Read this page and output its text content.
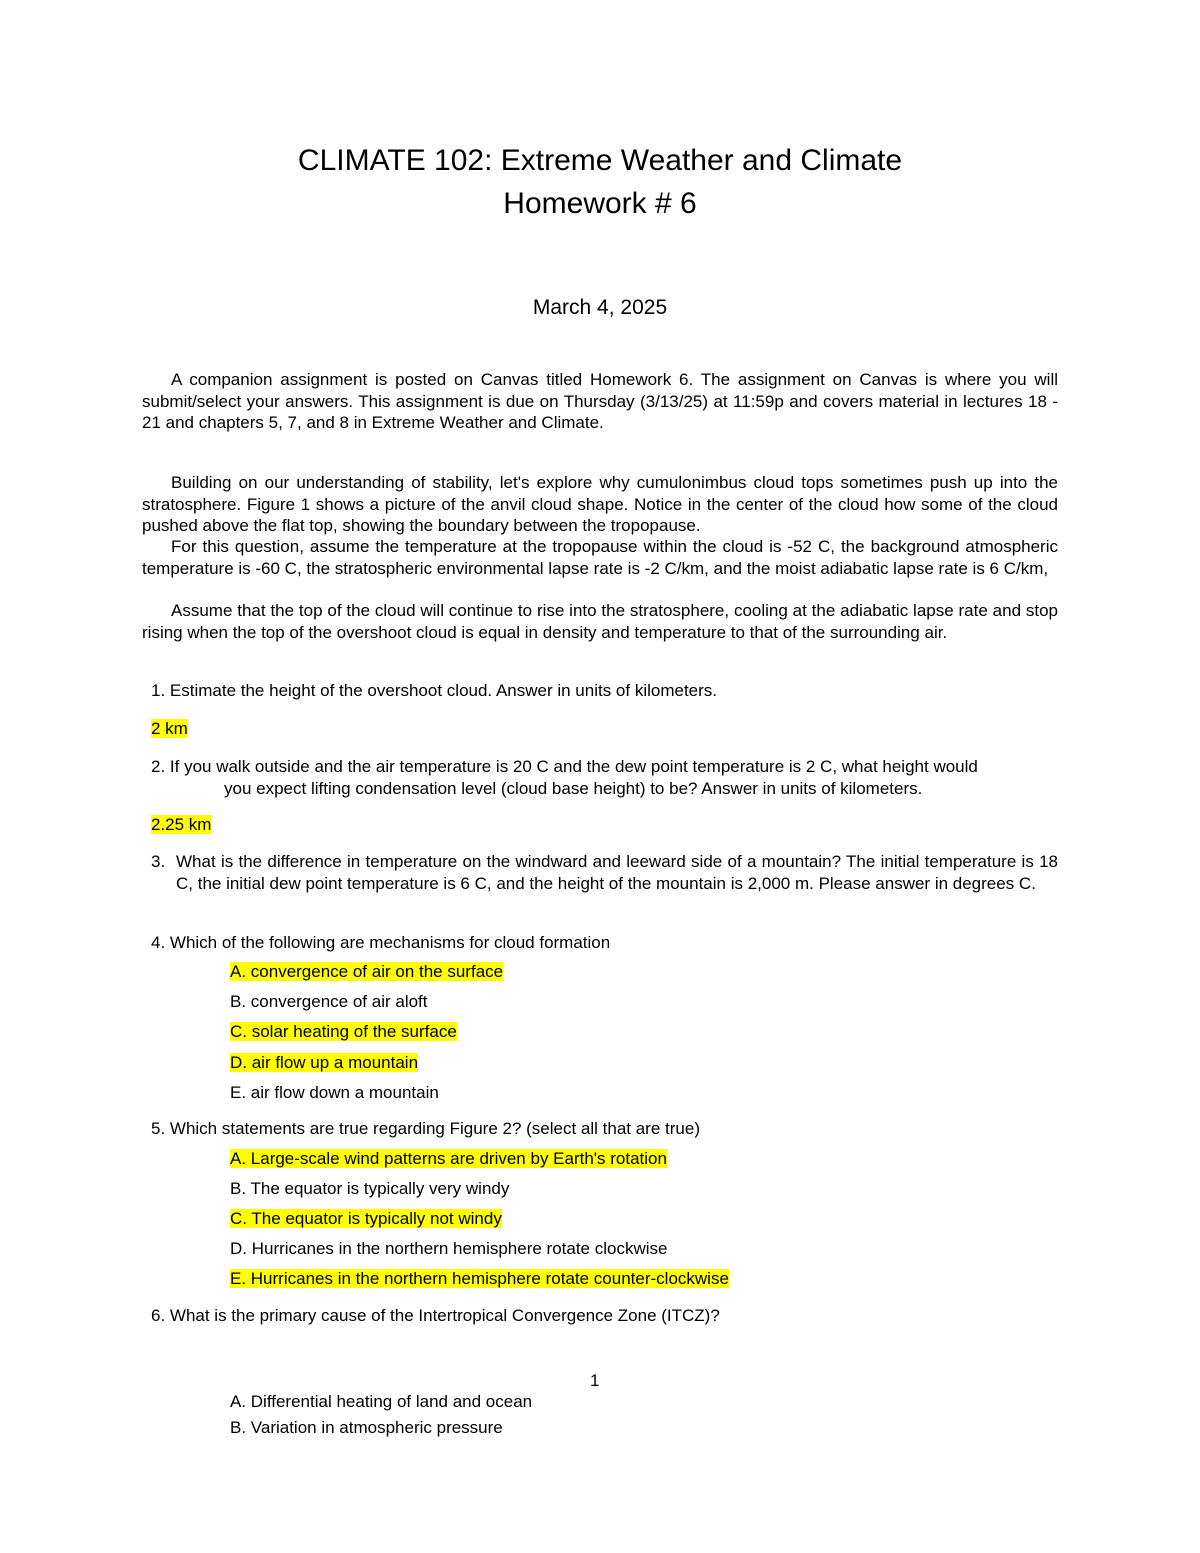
CLIMATE 102: Extreme Weather and Climate
Homework # 6
March 4, 2025

A companion assignment is posted on Canvas titled Homework 6. The assignment on Canvas is where you will submit/select your answers. This assignment is due on Thursday (3/13/25) at 11:59p and covers material in lectures 18 - 21 and chapters 5, 7, and 8 in Extreme Weather and Climate.

Building on our understanding of stability, let's explore why cumulonimbus cloud tops sometimes push up into the stratosphere. Figure 1 shows a picture of the anvil cloud shape. Notice in the center of the cloud how some of the cloud pushed above the flat top, showing the boundary between the tropopause.

For this question, assume the temperature at the tropopause within the cloud is -52 C, the background atmospheric temperature is -60 C, the stratospheric environmental lapse rate is -2 C/km, and the moist adiabatic lapse rate is 6 C/km,

Assume that the top of the cloud will continue to rise into the stratosphere, cooling at the adiabatic lapse rate and stop rising when the top of the overshoot cloud is equal in density and temperature to that of the surrounding air.

1. Estimate the height of the overshoot cloud. Answer in units of kilometers.
2 km
2. If you walk outside and the air temperature is 20 C and the dew point temperature is 2 C, what height would
you expect lifting condensation level (cloud base height) to be? Answer in units of kilometers.
2.25 km
3. What is the difference in temperature on the windward and leeward side of a mountain? The initial temperature is 18 C, the initial dew point temperature is 6 C, and the height of the mountain is 2,000 m. Please answer in degrees C.

4. Which of the following are mechanisms for cloud formation
A. convergence of air on the surface
B. convergence of air aloft
C. solar heating of the surface
D. air flow up a mountain
E. air flow down a mountain
5. Which statements are true regarding Figure 2? (select all that are true)
A. Large-scale wind patterns are driven by Earth's rotation
B. The equator is typically very windy
C. The equator is typically not windy
D. Hurricanes in the northern hemisphere rotate clockwise
E. Hurricanes in the northern hemisphere rotate counter-clockwise
6. What is the primary cause of the Intertropical Convergence Zone (ITCZ)?
1
A. Differential heating of land and ocean
B. Variation in atmospheric pressure
